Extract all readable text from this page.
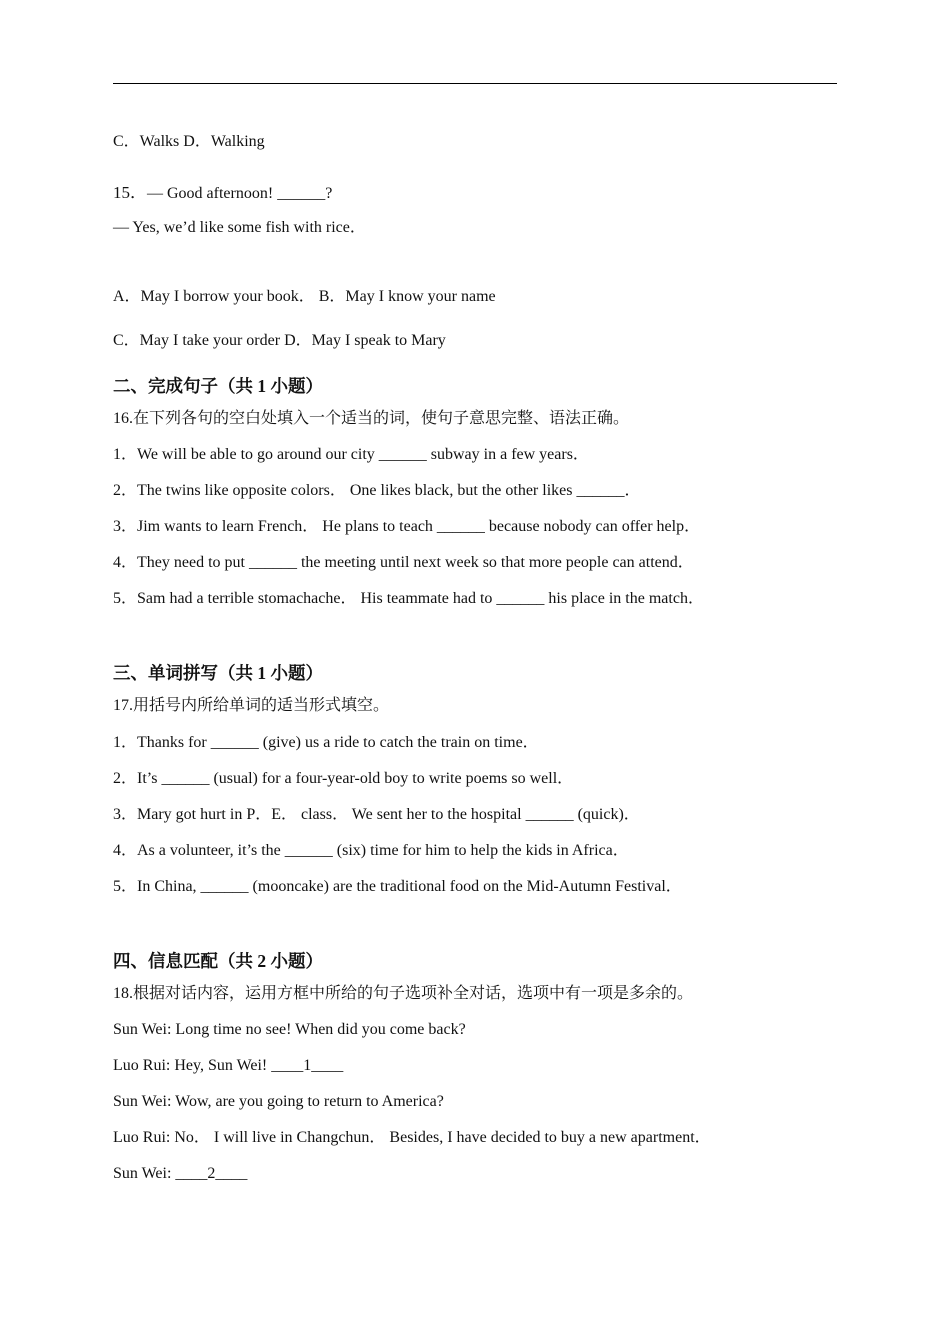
C．Walks D．Walking
15．— Good afternoon! ______?
— Yes, we’d like some fish with rice．
A．May I borrow your book． B．May I know your name
C．May I take your order D．May I speak to Mary
二、完成句子（共 1 小题）
16.在下列各句的空白处填入一个适当的词，使句子意思完整、语法正确。
1．We will be able to go around our city ______ subway in a few years．
2．The twins like opposite colors． One likes black, but the other likes ______．
3．Jim wants to learn French． He plans to teach ______ because nobody can offer help．
4．They need to put ______ the meeting until next week so that more people can attend．
5．Sam had a terrible stomachache． His teammate had to ______ his place in the match．
三、单词拼写（共 1 小题）
17.用括号内所给单词的适当形式填空。
1．Thanks for ______ (give) us a ride to catch the train on time．
2．It’s ______ (usual) for a four-year-old boy to write poems so well．
3．Mary got hurt in P．E． class． We sent her to the hospital ______ (quick)．
4．As a volunteer, it’s the ______ (six) time for him to help the kids in Africa．
5．In China, ______ (mooncake) are the traditional food on the Mid-Autumn Festival．
四、信息匹配（共 2 小题）
18.根据对话内容，运用方框中所给的句子选项补全对话，选项中有一项是多余的。
Sun Wei: Long time no see! When did you come back?
Luo Rui: Hey, Sun Wei! ____1____
Sun Wei: Wow, are you going to return to America?
Luo Rui: No． I will live in Changchun． Besides, I have decided to buy a new apartment．
Sun Wei: ____2____
